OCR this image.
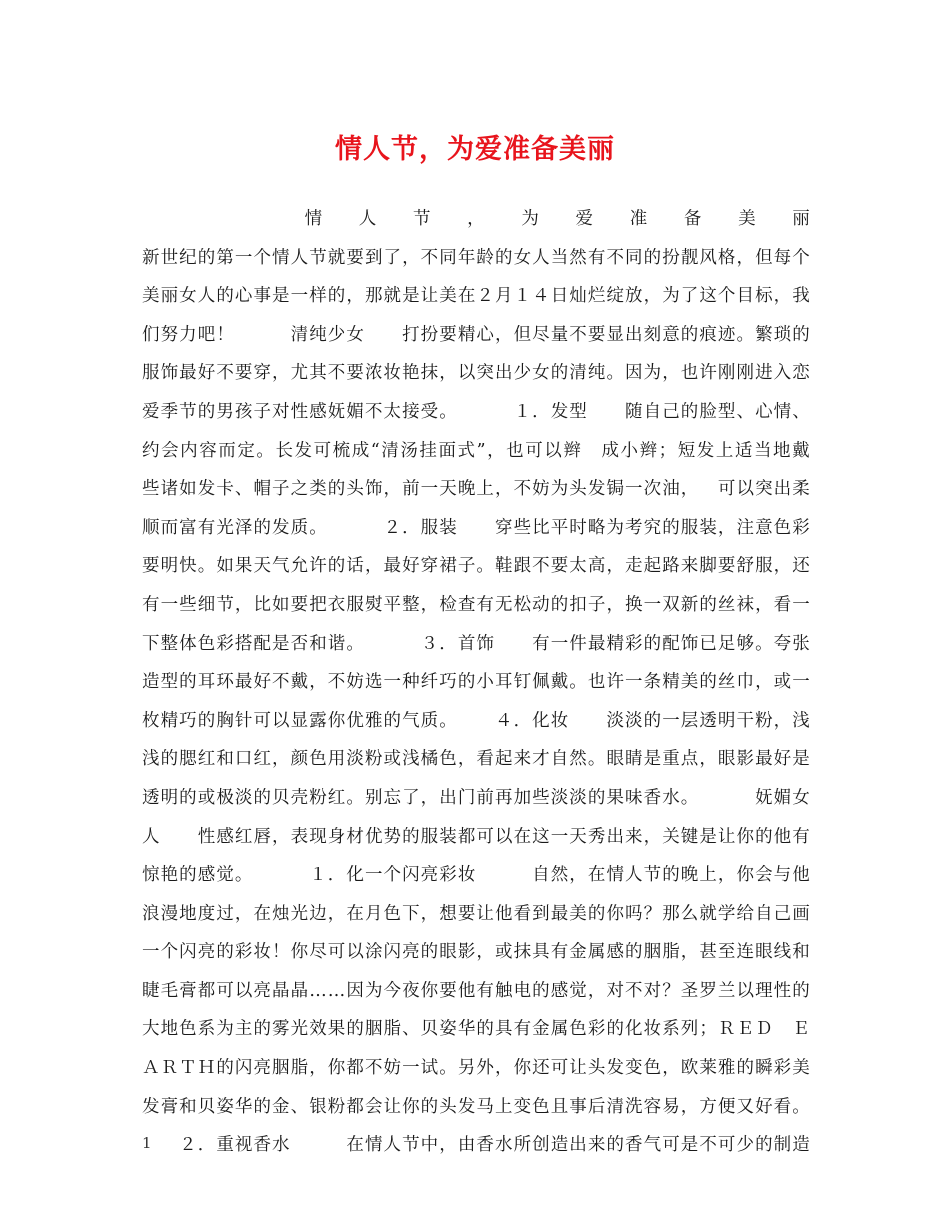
情人节，为爱准备美丽

情
　 人
　 节
　 ，
　 为
　 爱
　 准
　 备
　 美
　 丽
新 世 纪 的 第 一 个 情 人 节 就 要 到 了 ， 不 同 年 龄 的 女 人 当 然 有 不 同 的 扮 靓 风 格 ， 但 每 个
美 丽 女 人 的 心 事 是 一 样 的 ， 那 就 是 让 美 在 ２ 月 １ ４ 日 灿 烂 绽 放 ， 为 了 这 个 目 标 ， 我
们 努 力 吧 ！

　	清 纯 少 女

　 打 扮 要 精 心 ， 但 尽 量 不 要 显 出 刻 意 的 痕 迹 。 繁 琐 的
服 饰 最 好 不 要 穿 ， 尤 其 不 要 浓 妆 艳 抹 ， 以 突 出 少 女 的 清 纯 。 因 为 ， 也 许 刚 刚 进 入 恋
爱 季 节 的 男 孩 子 对 性 感 妩 媚 不 太 接 受 。

　	１ ． 发 型

　 随 自 己 的 脸 型 、 心 情 、
约 会 内 容 而 定 。 长 发 可 梳 成 “ 清 汤 挂 面 式 ” ， 也 可 以 辫
　 成 小 辫 ； 短 发 上 适 当 地 戴
些 诸 如 发 卡 、 帽 子 之 类 的 头 饰 ， 前 一 天 晚 上 ， 不 妨 为 头 发 锔 一 次 油 ，
　 可 以 突 出 柔
顺 而 富 有 光 泽 的 发 质 。

　	２ ． 服 装

　 穿 些 比 平 时 略 为 考 究 的 服 装 ， 注 意 色 彩
要 明 快 。 如 果 天 气 允 许 的 话 ， 最 好 穿 裙 子 。 鞋 跟 不 要 太 高 ， 走 起 路 来 脚 要 舒 服 ， 还
有 一 些 细 节 ， 比 如 要 把 衣 服 熨 平 整 ， 检 查 有 无 松 动 的 扣 子 ， 换 一 双 新 的 丝 袜 ， 看 一
下 整 体 色 彩 搭 配 是 否 和 谐 。

　	３ ． 首 饰

　 有 一 件 最 精 彩 的 配 饰 已 足 够 。 夸 张
造 型 的 耳 环 最 好 不 戴 ， 不 妨 选 一 种 纤 巧 的 小 耳 钉 佩 戴 。 也 许 一 条 精 美 的 丝 巾 ， 或 一
枚 精 巧 的 胸 针 可 以 显 露 你 优 雅 的 气 质 。

　 ４ ． 化 妆

　 淡 淡 的 一 层 透 明 干 粉 ， 浅
浅 的 腮 红 和 口 红 ， 颜 色 用 淡 粉 或 浅 橘 色 ， 看 起 来 才 自 然 。 眼 睛 是 重 点 ， 眼 影 最 好 是
透 明 的 或 极 淡 的 贝 壳 粉 红 。 别 忘 了 ， 出 门 前 再 加 些 淡 淡 的 果 味 香 水 。

　	妩 媚 女
人

　 性 感 红 唇 ， 表 现 身 材 优 势 的 服 装 都 可 以 在 这 一 天 秀 出 来 ， 关 键 是 让 你 的 他 有
惊 艳 的 感 觉 。

　	１ ． 化 一 个 闪 亮 彩 妆

　	自 然 ， 在 情 人 节 的 晚 上 ， 你 会 与 他
浪 漫 地 度 过 ， 在 烛 光 边 ， 在 月 色 下 ， 想 要 让 他 看 到 最 美 的 你 吗 ？ 那 么 就 学 给 自 己 画
一 个 闪 亮 的 彩 妆 ！ 你 尽 可 以 涂 闪 亮 的 眼 影 ， 或 抹 具 有 金 属 感 的 胭 脂 ， 甚 至 连 眼 线 和
睫 毛 膏 都 可 以 亮 晶 晶 … … 因 为 今 夜 你 要 他 有 触 电 的 感 觉 ， 对 不 对 ？ 圣 罗 兰 以 理 性 的
大 地 色 系 为 主 的 雾 光 效 果 的 胭 脂 、 贝 姿 华 的 具 有 金 属 色 彩 的 化 妆 系 列 ； Ｒ Ｅ Ｄ
　 Ｅ
Ａ Ｒ Ｔ Ｈ 的 闪 亮 胭 脂 ， 你 都 不 妨 一 试 。 另 外 ， 你 还 可 让 头 发 变 色 ， 欧 莱 雅 的 瞬 彩 美
发 膏 和 贝 姿 华 的 金 、 银 粉 都 会 让 你 的 头 发 马 上 变 色 且 事 后 清 洗 容 易 ， 方 便 又 好 看 。

２ ． 重 视 香 水

　	在 情 人 节 中 ， 由 香 水 所 创 造 出 来 的 香 气 可 是 不 可 少 的 制 造
1
